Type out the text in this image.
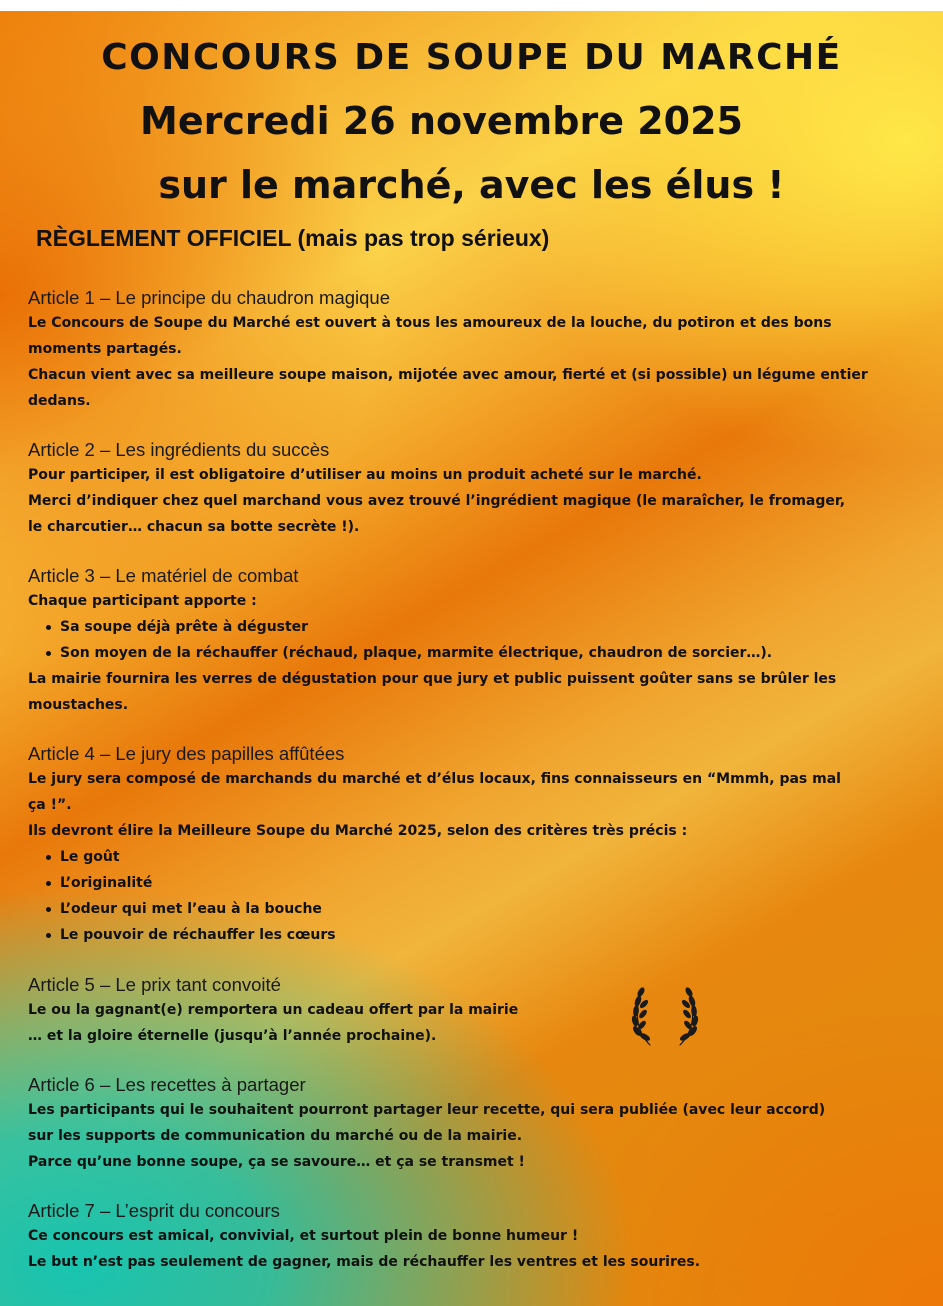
CONCOURS DE SOUPE DU MARCHÉ
Mercredi 26 novembre 2025
sur le marché, avec les élus !
RÈGLEMENT OFFICIEL (mais pas trop sérieux)

Article 1 – Le principe du chaudron magique

Le Concours de Soupe du Marché est ouvert à tous les amoureux de la louche, du potiron et des bons

moments partagés.

Chacun vient avec sa meilleure soupe maison, mijotée avec amour, fierté et (si possible) un légume entier

dedans.

Article 2 – Les ingrédients du succès

Pour participer, il est obligatoire d’utiliser au moins un produit acheté sur le marché.

Merci d’indiquer chez quel marchand vous avez trouvé l’ingrédient magique (le maraîcher, le fromager,

le charcutier… chacun sa botte secrète !).

Article 3 – Le matériel de combat

Chaque participant apporte :

Sa soupe déjà prête à déguster
Son moyen de la réchauffer (réchaud, plaque, marmite électrique, chaudron de sorcier…).

La mairie fournira les verres de dégustation pour que jury et public puissent goûter sans se brûler les

moustaches.

Article 4 – Le jury des papilles affûtées

Le jury sera composé de marchands du marché et d’élus locaux, fins connaisseurs en “Mmmh, pas mal

ça !”.

Ils devront élire la Meilleure Soupe du Marché 2025, selon des critères très précis :

Le goût
L’originalité
L’odeur qui met l’eau à la bouche
Le pouvoir de réchauffer les cœurs

Article 5 – Le prix tant convoité

Le ou la gagnant(e) remportera un cadeau offert par la mairie

… et la gloire éternelle (jusqu’à l’année prochaine).

Article 6 – Les recettes à partager

Les participants qui le souhaitent pourront partager leur recette, qui sera publiée (avec leur accord)

sur les supports de communication du marché ou de la mairie.

Parce qu’une bonne soupe, ça se savoure… et ça se transmet !

Article 7 – L’esprit du concours

Ce concours est amical, convivial, et surtout plein de bonne humeur !

Le but n’est pas seulement de gagner, mais de réchauffer les ventres et les sourires.
